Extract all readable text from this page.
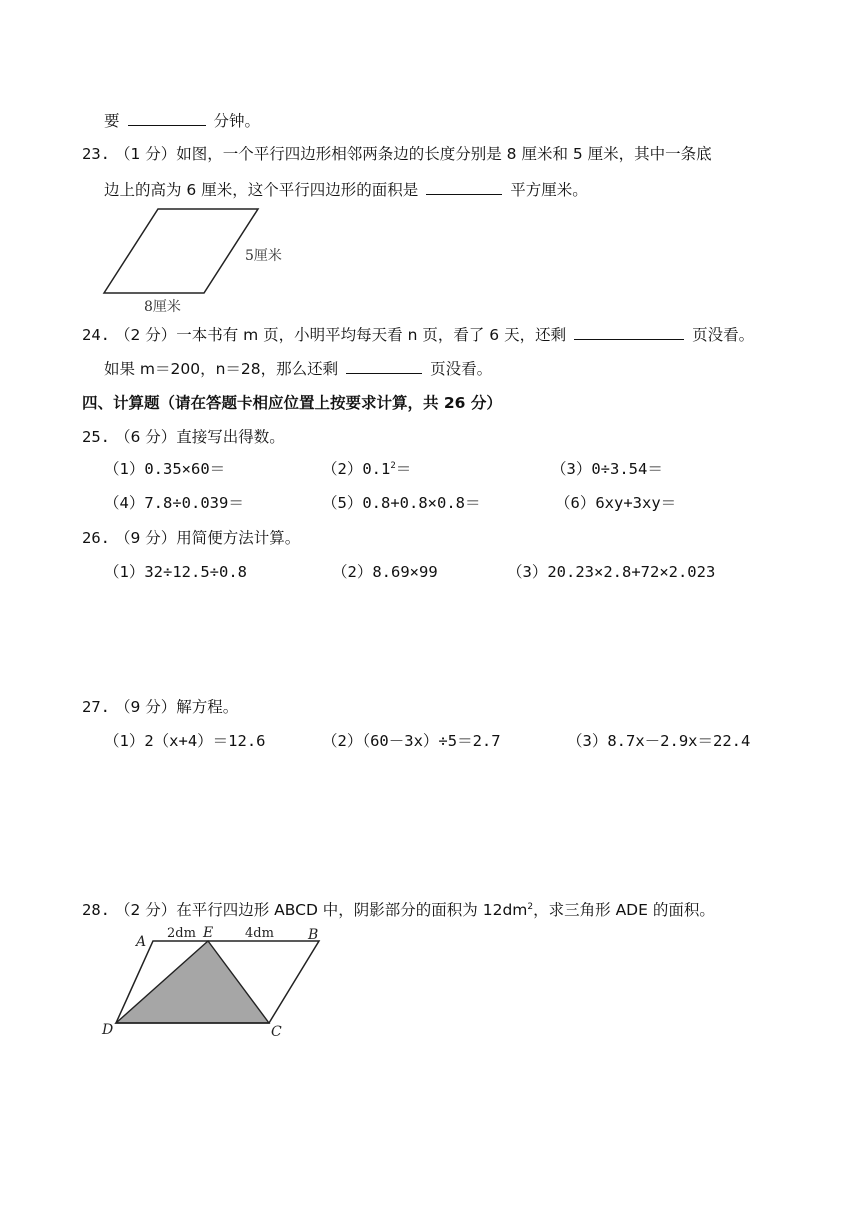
要	分钟。
23. （1 分）如图，一个平行四边形相邻两条边的长度分别是 8 厘米和 5 厘米，其中一条底
边上的高为 6 厘米，这个平行四边形的面积是	平方厘米。
5厘米
8厘米
24. （2 分）一本书有 m 页，小明平均每天看 n 页，看了 6 天，还剩	页没看。
如果 m＝200，n＝28，那么还剩	页没看。
四、计算题（请在答题卡相应位置上按要求计算，共 26 分）
25. （6 分）直接写出得数。
（1）0.35×60＝	$(2)0.1^2=$	（3）0÷3.54＝
（4）7.8÷0.039＝	（5）0.8+0.8×0.8＝	（6）6xy+3xy＝
26. （9 分）用简便方法计算。
（1）32÷12.5÷0.8	（2）8.69×99	（3）20.23×2.8+72×2.023
27. （9 分）解方程。
（1）2（x+4）＝12.6	（2）（60－3x）÷5＝2.7	（3）8.7x－2.9x＝22.4
28. （2 分）在平行四边形 ABCD 中，阴影部分的面积为 $12dm^2$，求三角形 ADE 的面积。
A
E	B
D	C
2dm	4dm
